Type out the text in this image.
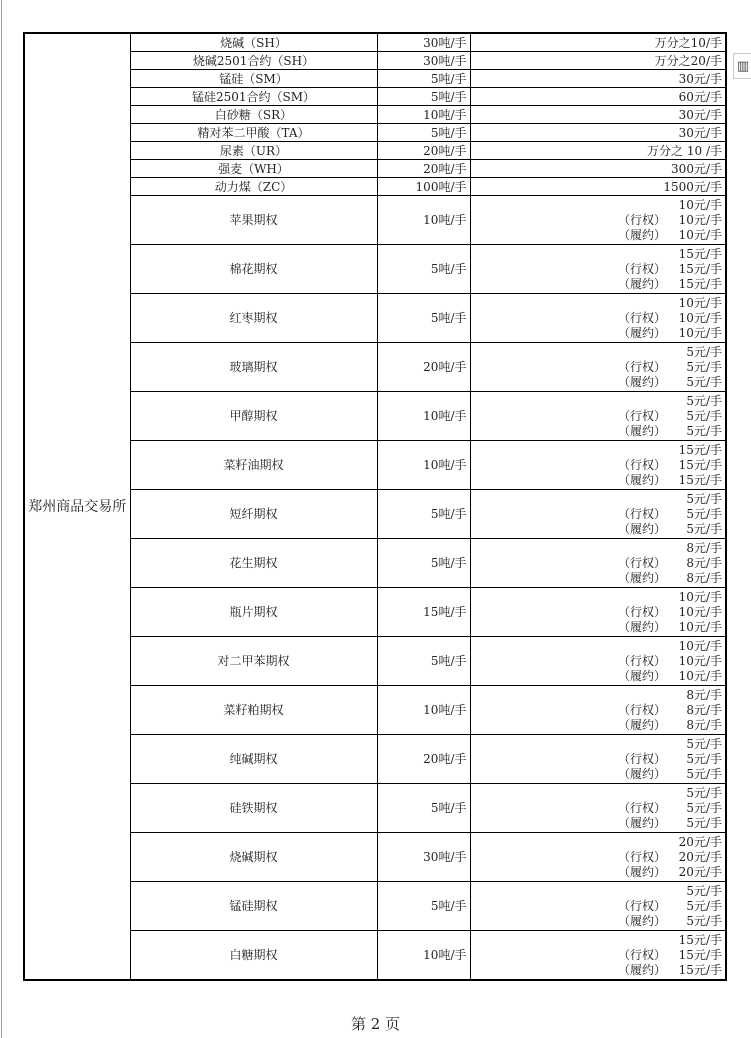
▥
郑州商品交易所	烧碱（SH）	30吨/手	万分之10/手
	烧碱2501合约（SH）	30吨/手	万分之20/手
	锰硅（SM）	5吨/手	30元/手
	锰硅2501合约（SM）	5吨/手	60元/手
	白砂糖（SR）	10吨/手	30元/手
	精对苯二甲酸（TA）	5吨/手	30元/手
	尿素（UR）	20吨/手	万分之 10 /手
	强麦（WH）	20吨/手	300元/手
	动力煤（ZC）	100吨/手	1500元/手
	苹果期权	10吨/手	10元/手
（行权） 10元/手
（履约） 10元/手

	棉花期权	5吨/手	15元/手
（行权） 15元/手
（履约） 15元/手

	红枣期权	5吨/手	10元/手
（行权） 10元/手
（履约） 10元/手

	玻璃期权	20吨/手	5元/手
（行权） 5元/手
（履约） 5元/手

	甲醇期权	10吨/手	5元/手
（行权） 5元/手
（履约） 5元/手

	菜籽油期权	10吨/手	15元/手
（行权） 15元/手
（履约） 15元/手

	短纤期权	5吨/手	5元/手
（行权） 5元/手
（履约） 5元/手

	花生期权	5吨/手	8元/手
（行权） 8元/手
（履约） 8元/手

	瓶片期权	15吨/手	10元/手
（行权） 10元/手
（履约） 10元/手

	对二甲苯期权	5吨/手	10元/手
（行权） 10元/手
（履约） 10元/手

	菜籽粕期权	10吨/手	8元/手
（行权） 8元/手
（履约） 8元/手

	纯碱期权	20吨/手	5元/手
（行权） 5元/手
（履约） 5元/手

	硅铁期权	5吨/手	5元/手
（行权） 5元/手
（履约） 5元/手

	烧碱期权	30吨/手	20元/手
（行权） 20元/手
（履约） 20元/手

	锰硅期权	5吨/手	5元/手
（行权） 5元/手
（履约） 5元/手

	白糖期权	10吨/手	15元/手
（行权） 15元/手
（履约） 15元/手
第 2 页
